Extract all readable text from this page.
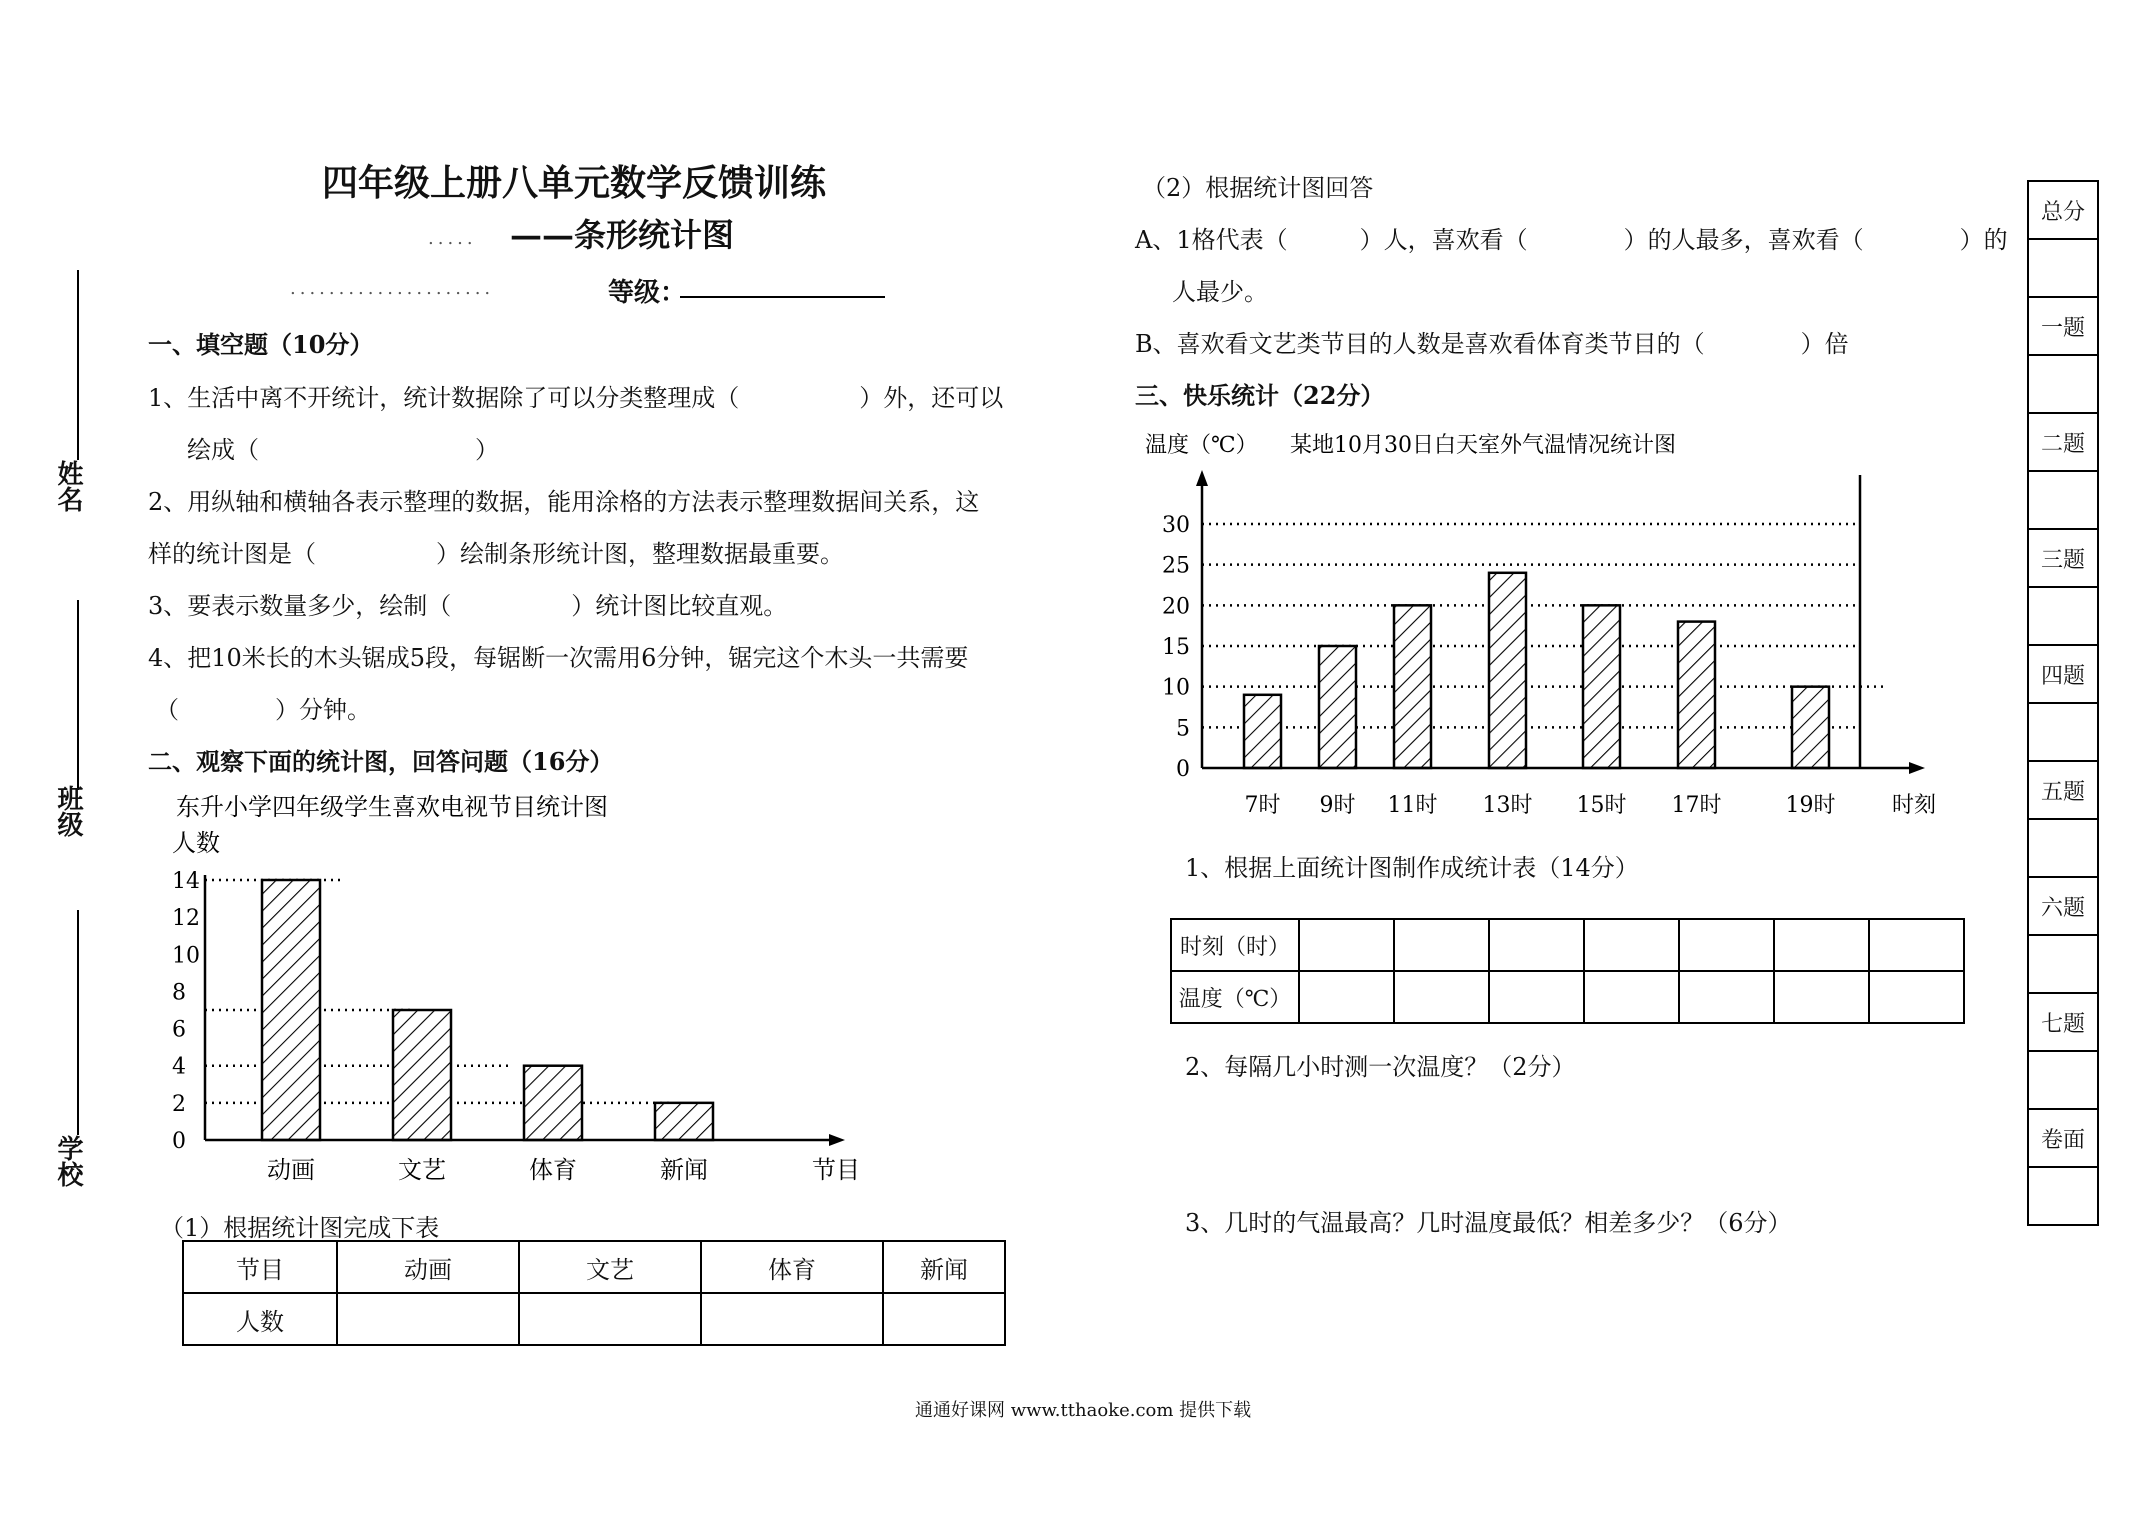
姓名
班级
学校
四年级上册八单元数学反馈训练
..... ——条形统计图
.....................	等级：
一、填空题（10分）
1、生活中离不开统计，统计数据除了可以分类整理成（　　　　　）外，还可以
绘成（　　　　　　　　　）
2、用纵轴和横轴各表示整理的数据，能用涂格的方法表示整理数据间关系，这
样的统计图是（　　　　　）绘制条形统计图，整理数据最重要。
3、要表示数量多少，绘制（　　　　　）统计图比较直观。
4、把10米长的木头锯成5段，每锯断一次需用6分钟，锯完这个木头一共需要
（　　　　）分钟。
二、观察下面的统计图，回答问题（16分）
东升小学四年级学生喜欢电视节目统计图
人数
0
2
4
6
8
10
12
14
动画	文艺	体育	新闻	节目
（1）根据统计图完成下表
节目	动画	文艺	体育	新闻
人数				
（2）根据统计图回答
A、1格代表（　　　）人，喜欢看（　　　　）的人最多，喜欢看（　　　　）的
人最少。
B、喜欢看文艺类节目的人数是喜欢看体育类节目的（　　　　）倍
三、快乐统计（22分）
温度（℃） 某地10月30日白天室外气温情况统计图
0
5
10
15
20
25
30
7时 9时 11时 13时 15时 17时	19时	时刻
1、根据上面统计图制作成统计表（14分）
时刻（时）							
温度（℃）							
2、每隔几小时测一次温度？（2分）
3、几时的气温最高？几时温度最低？相差多少？（6分）
总分
一题
二题
三题
四题
五题
六题
七题
卷面
通通好课网 www.tthaoke.com 提供下载
